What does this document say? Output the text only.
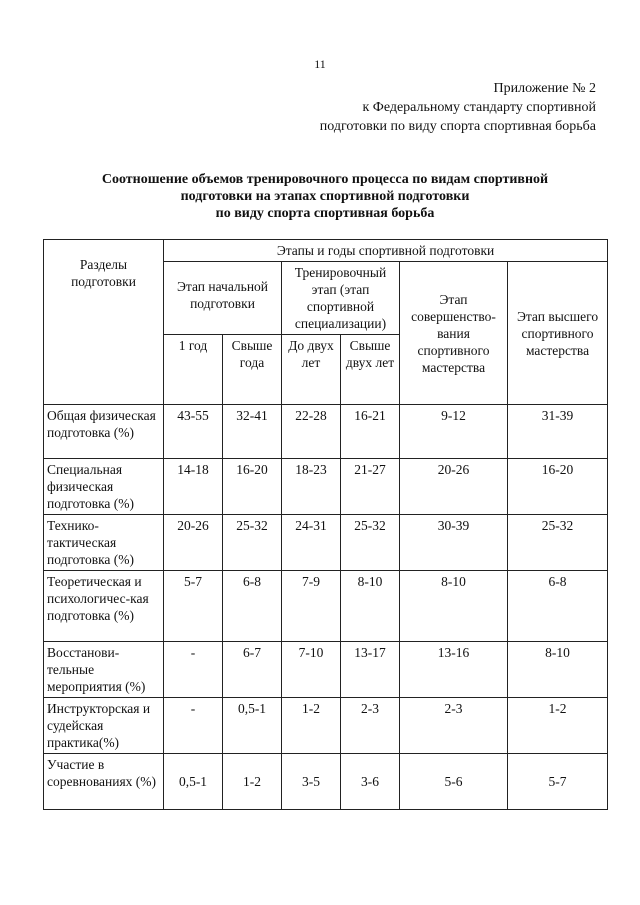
11
Приложение № 2
к Федеральному стандарту спортивной
подготовки по виду спорта спортивная борьба
Соотношение объемов тренировочного процесса по видам спортивной
подготовки на этапах спортивной подготовки
по виду спорта спортивная борьба
Разделы подготовки	Этапы и годы спортивной подготовки					
	Этап начальной подготовки		Тренировочный этап (этап спортивной специализации)		Этап совершенство-вания спортивного мастерства	Этап высшего спортивного мастерства
	1 год	Свыше года	До двух лет	Свыше двух лет		
Общая физическая подготовка (%)	43-55	32-41	22-28	16-21	9-12	31-39
Специальная физическая подготовка (%)	14-18	16-20	18-23	21-27	20-26	16-20
Технико-тактическая подготовка (%)	20-26	25-32	24-31	25-32	30-39	25-32
Теоретическая и психологичес-кая подготовка (%)	5-7	6-8	7-9	8-10	8-10	6-8
Восстанови-тельные мероприятия (%)	-	6-7	7-10	13-17	13-16	8-10
Инструкторская и судейская практика(%)	-	0,5-1	1-2	2-3	2-3	1-2
Участие в соревнованиях (%)	0,5-1	1-2	3-5	3-6	5-6	5-7
